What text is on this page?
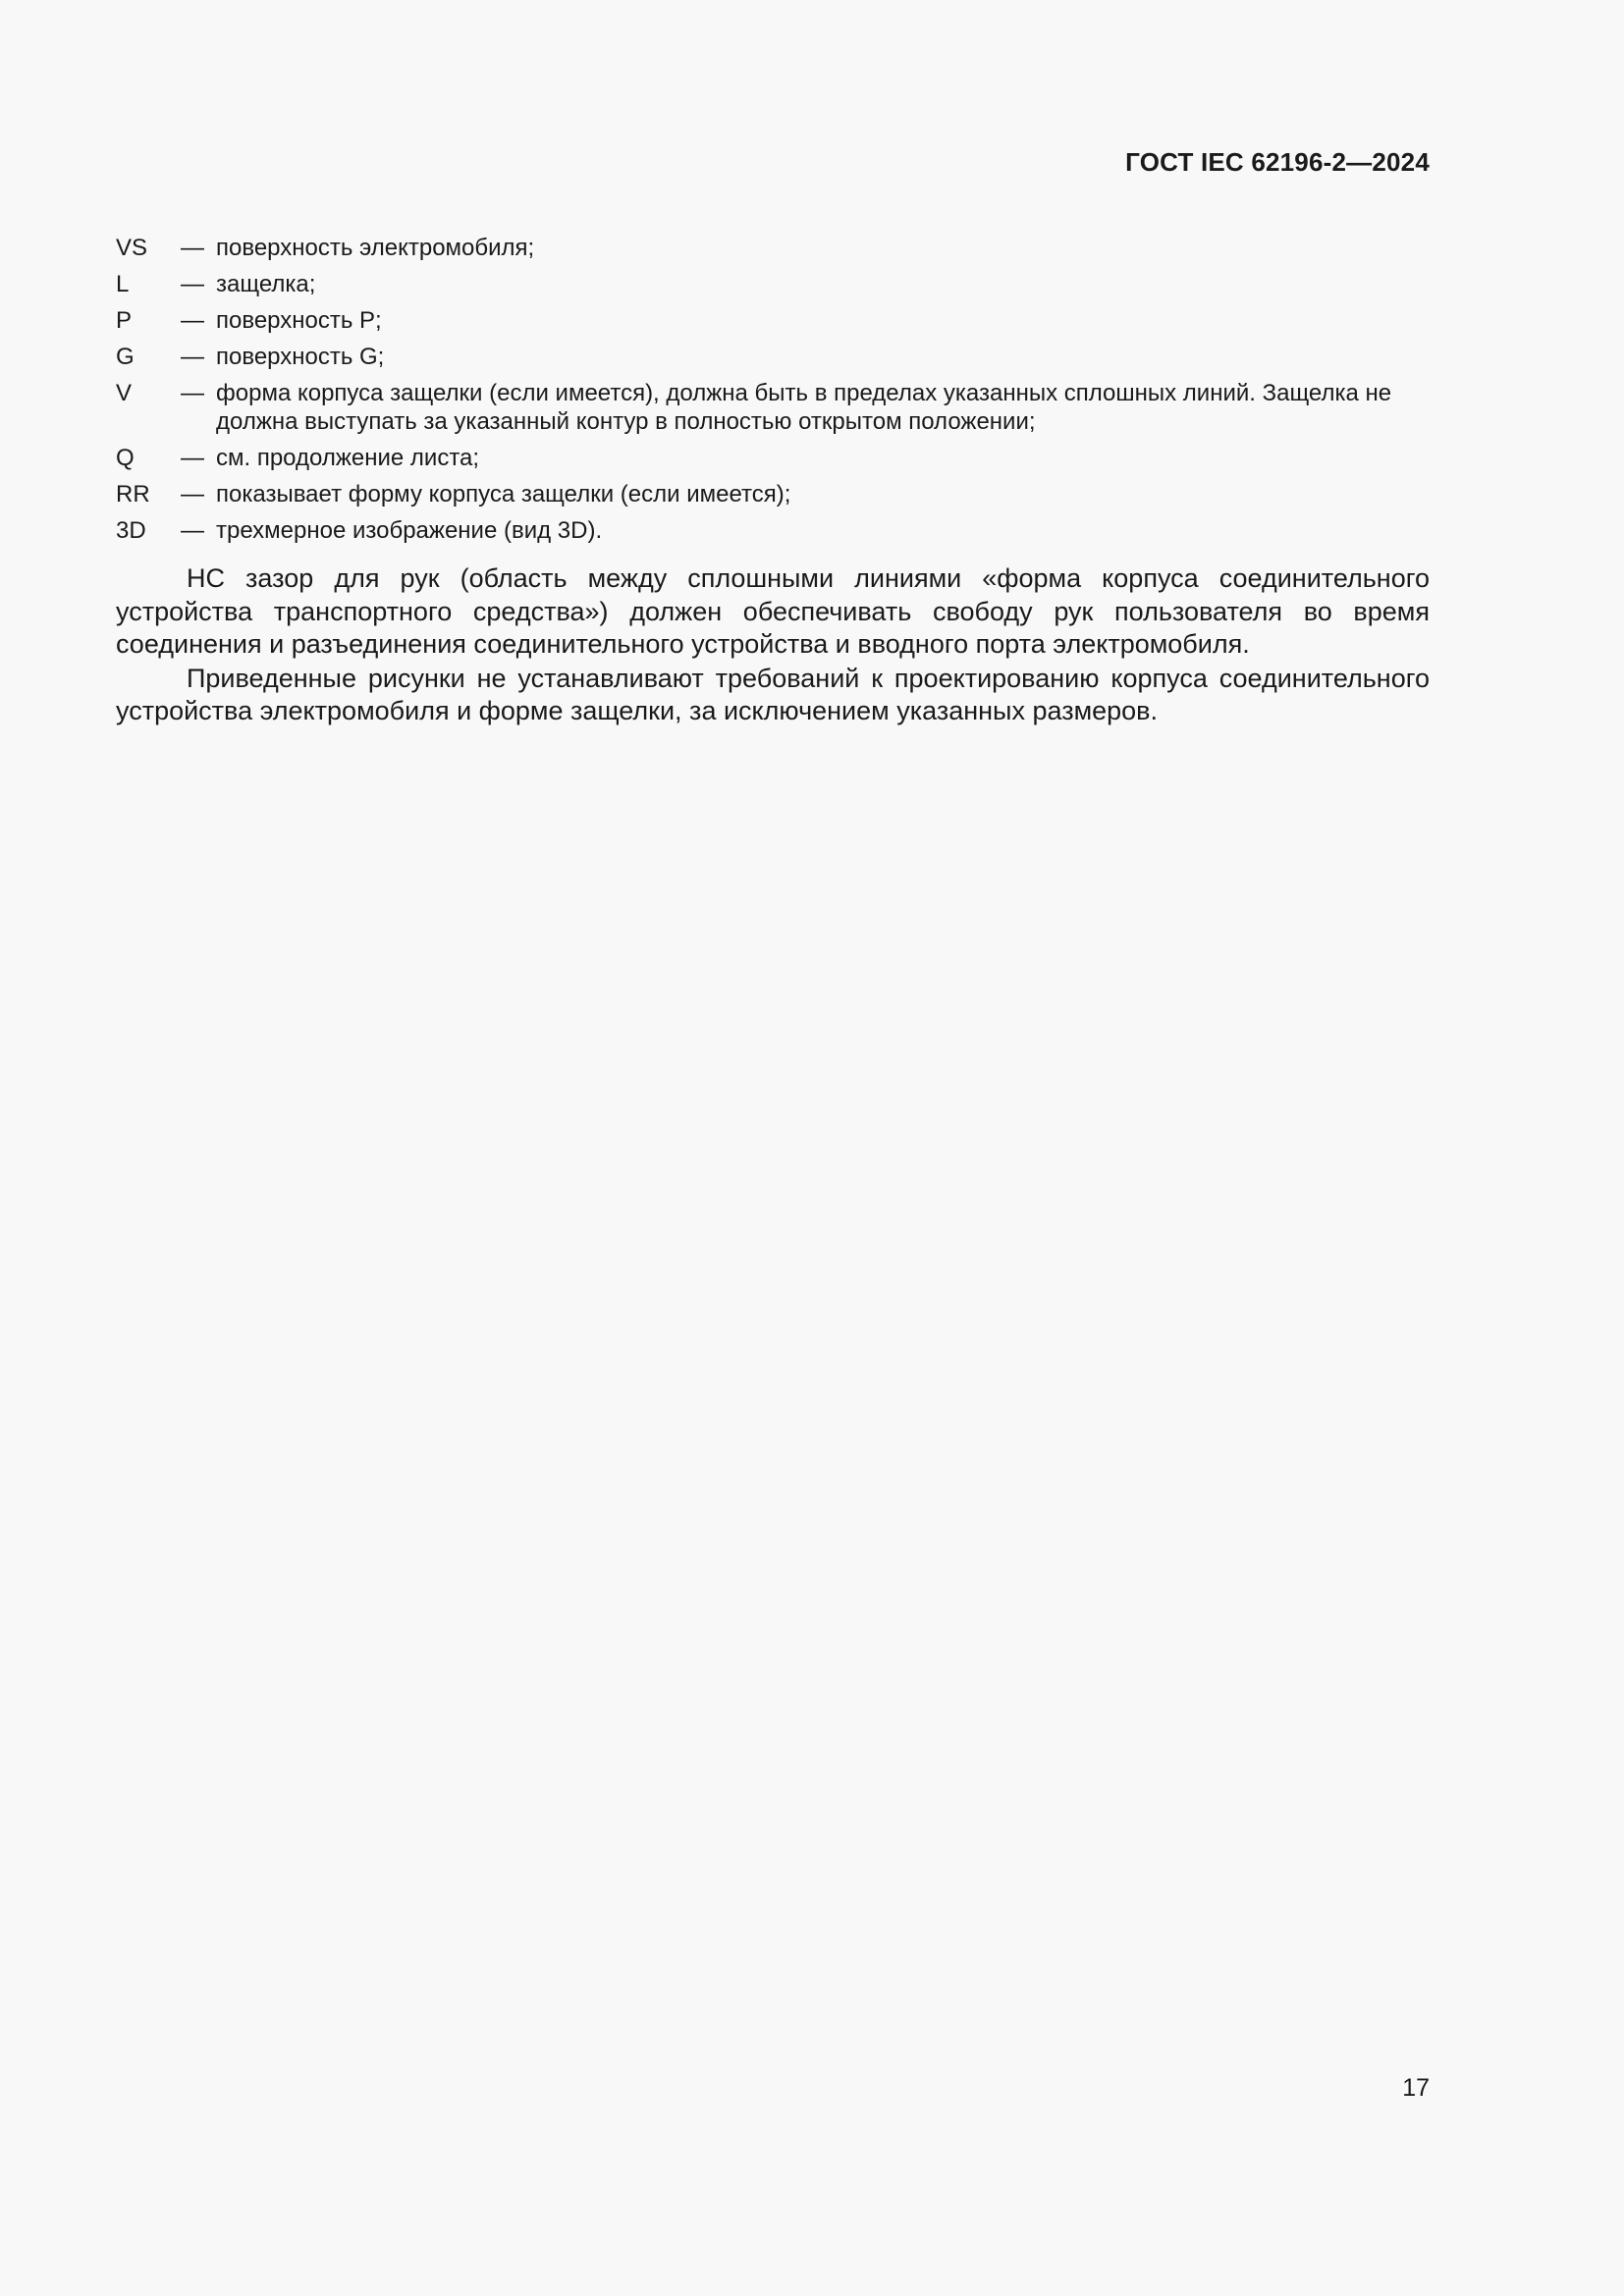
ГОСТ IEC 62196-2—2024
VS	— поверхность электромобиля;
L	— защелка;
P	— поверхность P;
G	— поверхность G;
V	— форма корпуса защелки (если имеется), должна быть в пределах указанных сплошных линий. Защелка не должна выступать за указанный контур в полностью открытом положении;
Q	— см. продолжение листа;
RR	— показывает форму корпуса защелки (если имеется);
3D	— трехмерное изображение (вид 3D).

HC зазор для рук (область между сплошными линиями «форма корпуса соединительного устройства транспортного средства») должен обеспечивать свободу рук пользователя во время соединения и разъединения соединительного устройства и вводного порта электромобиля.

Приведенные рисунки не устанавливают требований к проектированию корпуса соединительного устройства электромобиля и форме защелки, за исключением указанных размеров.

17
